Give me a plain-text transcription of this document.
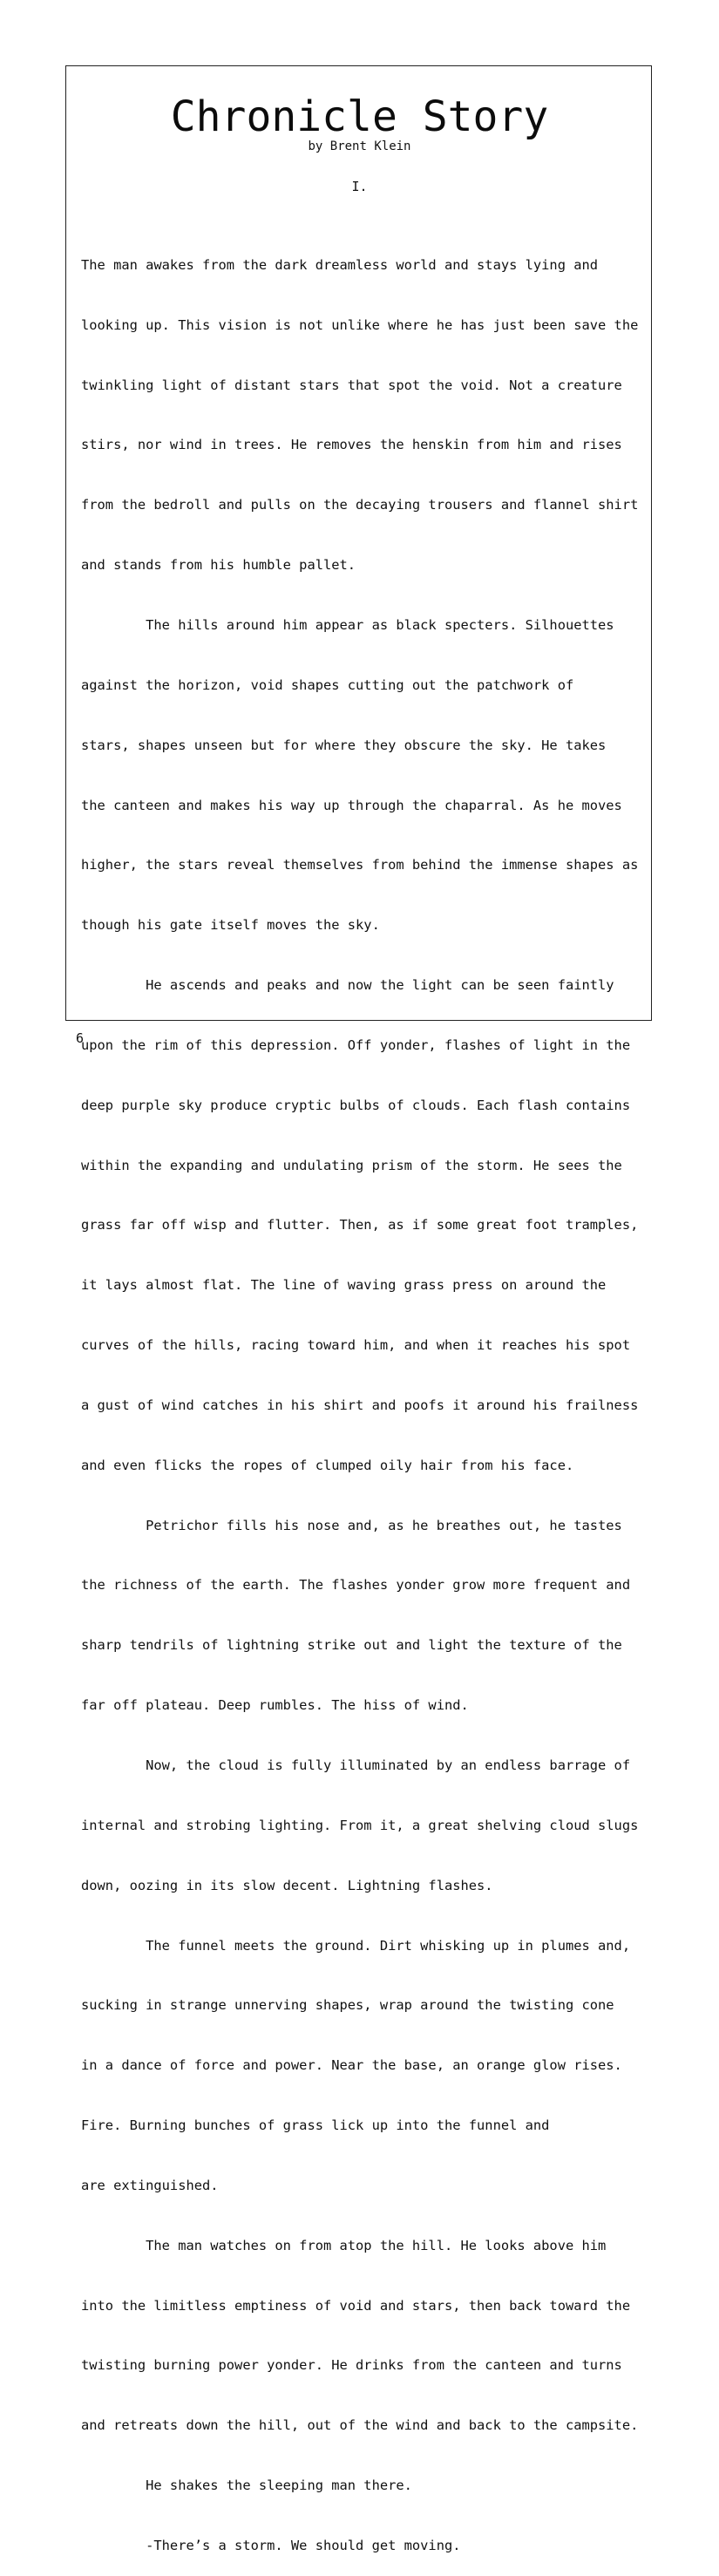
Chronicle Story

by Brent Klein

I.

The man awakes from the dark dreamless world and stays lying and

looking up. This vision is not unlike where he has just been save the

twinkling light of distant stars that spot the void. Not a creature

stirs, nor wind in trees. He removes the henskin from him and rises

from the bedroll and pulls on the decaying trousers and flannel shirt

and stands from his humble pallet.

The hills around him appear as black specters. Silhouettes

against the horizon, void shapes cutting out the patchwork of

stars, shapes unseen but for where they obscure the sky. He takes

the canteen and makes his way up through the chaparral. As he moves

higher, the stars reveal themselves from behind the immense shapes as

though his gate itself moves the sky.

He ascends and peaks and now the light can be seen faintly

upon the rim of this depression. Off yonder, flashes of light in the

deep purple sky produce cryptic bulbs of clouds. Each flash contains

within the expanding and undulating prism of the storm. He sees the

grass far off wisp and flutter. Then, as if some great foot tramples,

it lays almost flat. The line of waving grass press on around the

curves of the hills, racing toward him, and when it reaches his spot

a gust of wind catches in his shirt and poofs it around his frailness

and even flicks the ropes of clumped oily hair from his face.

Petrichor fills his nose and, as he breathes out, he tastes

the richness of the earth. The flashes yonder grow more frequent and

sharp tendrils of lightning strike out and light the texture of the

far off plateau. Deep rumbles. The hiss of wind.

Now, the cloud is fully illuminated by an endless barrage of

internal and strobing lighting. From it, a great shelving cloud slugs

down, oozing in its slow decent. Lightning flashes.

The funnel meets the ground. Dirt whisking up in plumes and,

sucking in strange unnerving shapes, wrap around the twisting cone

in a dance of force and power. Near the base, an orange glow rises.

Fire. Burning bunches of grass lick up into the funnel and

are extinguished.

The man watches on from atop the hill. He looks above him

into the limitless emptiness of void and stars, then back toward the

twisting burning power yonder. He drinks from the canteen and turns

and retreats down the hill, out of the wind and back to the campsite.

He shakes the sleeping man there.

-There’s a storm. We should get moving.

6
